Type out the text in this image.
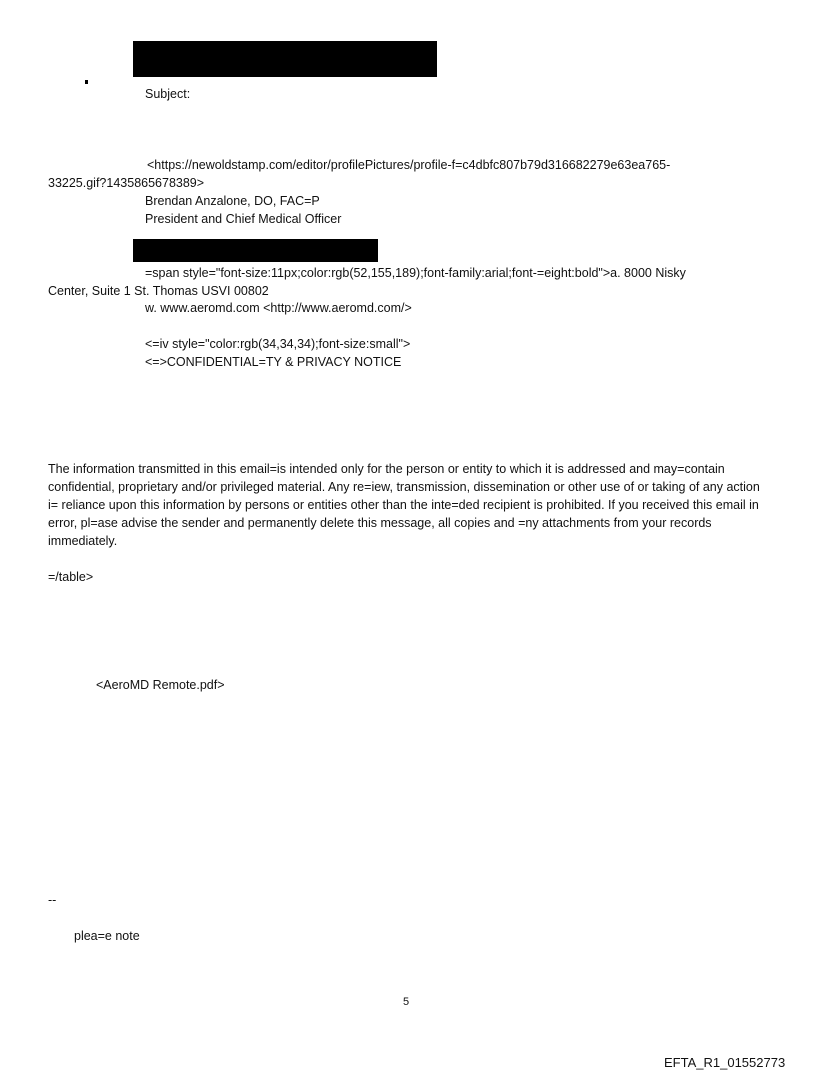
Subject:
<https://newoldstamp.com/editor/profilePictures/profile-f=c4dbfc807b79d316682279e63ea765-
33225.gif?1435865678389>
Brendan Anzalone, DO, FAC=P
President and Chief Medical Officer
=span style="font-size:11px;color:rgb(52,155,189);font-family:arial;font-=eight:bold">a. 8000 Nisky
Center, Suite 1 St. Thomas USVI 00802
w. www.aeromd.com <http://www.aeromd.com/>
<=iv style="color:rgb(34,34,34);font-size:small">
<=>CONFIDENTIAL=TY & PRIVACY NOTICE
The information transmitted in this email=is intended only for the person or entity to which it is addressed and may=contain confidential, proprietary and/or privileged material. Any re=iew, transmission, dissemination or other use of or taking of any action i= reliance upon this information by persons or entities other than the inte=ded recipient is prohibited. If you received this email in error, pl=ase advise the sender and permanently delete this message, all copies and =ny attachments from your records immediately.
=/table>
<AeroMD Remote.pdf>
--
plea=e note
5
EFTA_R1_01552773
